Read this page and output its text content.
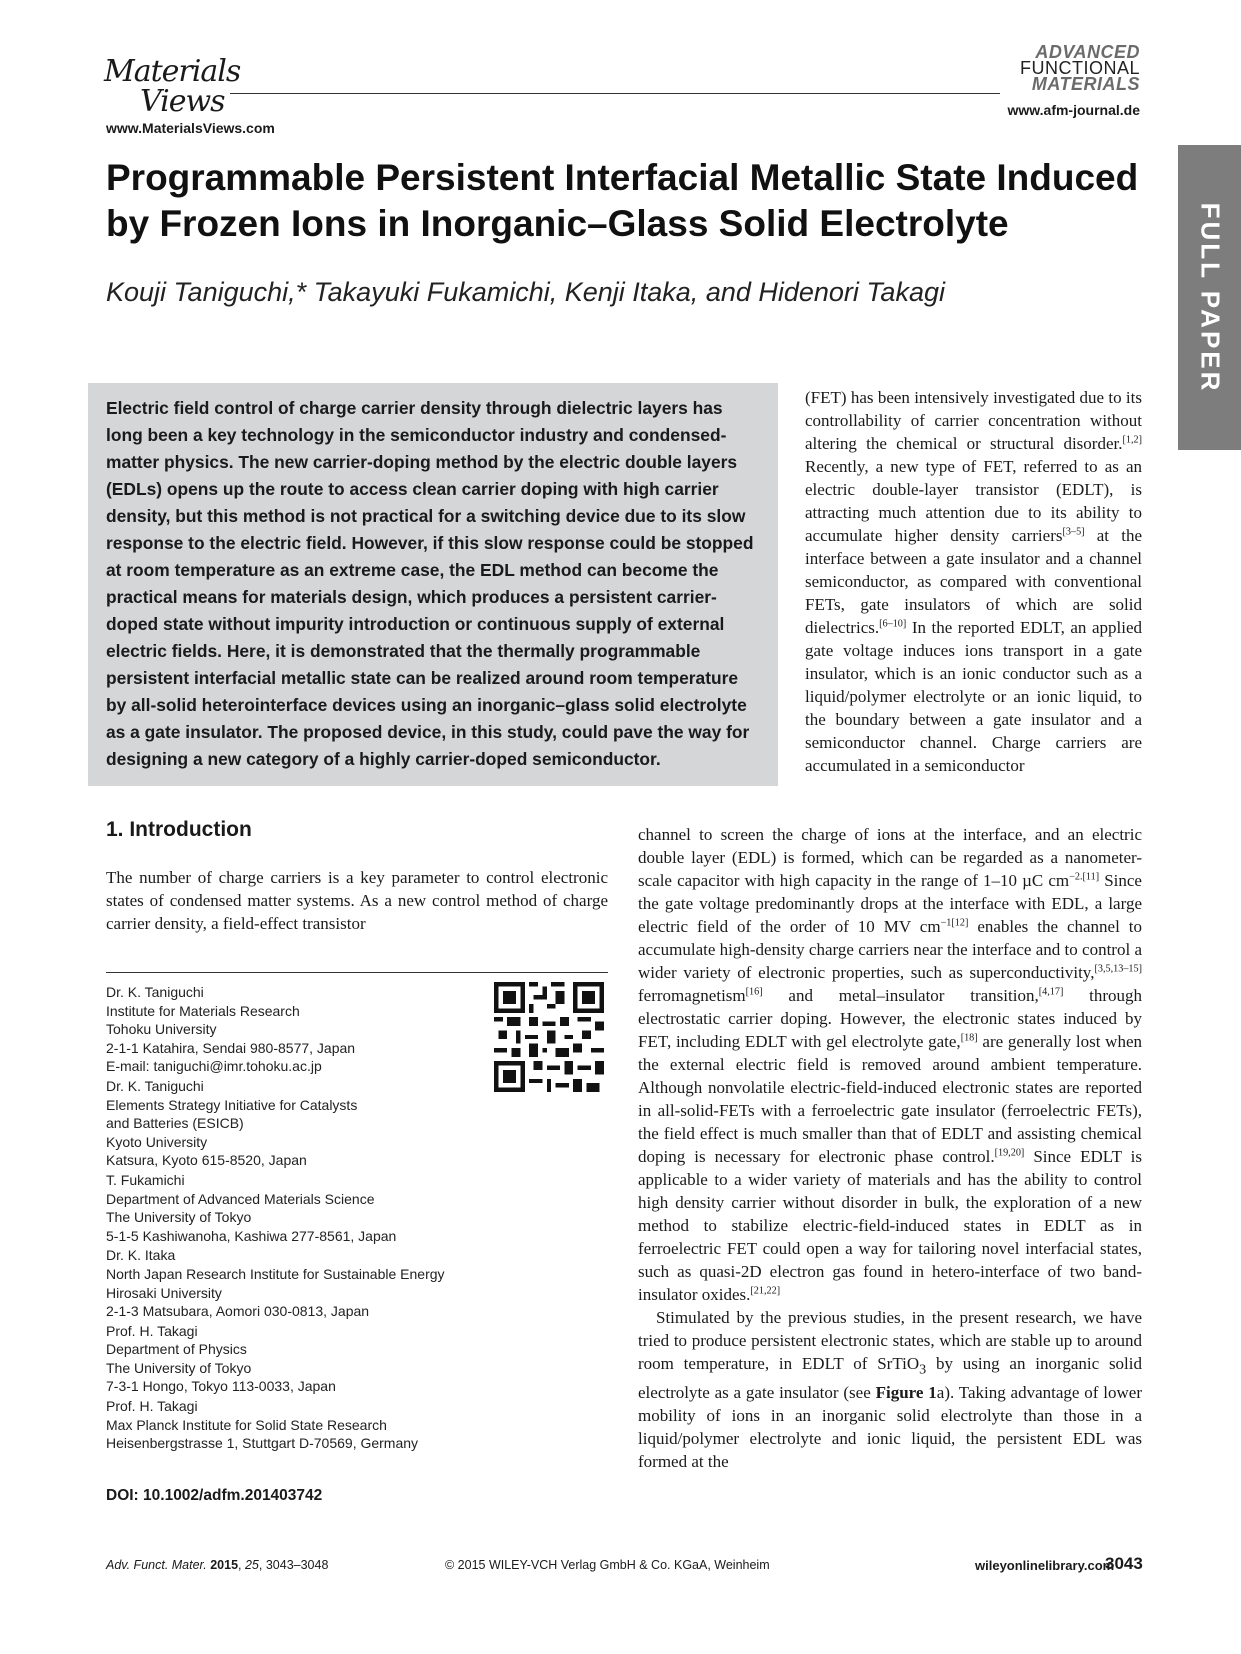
Materials
Views
www.MaterialsViews.com
ADVANCED
FUNCTIONAL
MATERIALS
www.afm-journal.de
FULL PAPER
Programmable Persistent Interfacial Metallic State Induced
by Frozen Ions in Inorganic–Glass Solid Electrolyte
Kouji Taniguchi,* Takayuki Fukamichi, Kenji Itaka, and Hidenori Takagi
Electric field control of charge carrier density through dielectric layers has long been a key technology in the semiconductor industry and condensed-matter physics. The new carrier-doping method by the electric double layers (EDLs) opens up the route to access clean carrier doping with high carrier density, but this method is not practical for a switching device due to its slow response to the electric field. However, if this slow response could be stopped at room temperature as an extreme case, the EDL method can become the practical means for materials design, which produces a persistent carrier-doped state without impurity introduction or continuous supply of external electric fields. Here, it is demonstrated that the thermally programmable persistent interfacial metallic state can be realized around room temperature by all-solid heterointerface devices using an inorganic–glass solid electrolyte as a gate insulator. The proposed device, in this study, could pave the way for designing a new category of a highly carrier-doped semiconductor.

(FET) has been intensively investigated due to its controllability of carrier concentration without altering the chemical or structural disorder.[1,2] Recently, a new type of FET, referred to as an electric double-layer transistor (EDLT), is attracting much attention due to its ability to accumulate higher density carriers[3–5] at the interface between a gate insulator and a channel semiconductor, as compared with conventional FETs, gate insulators of which are solid dielectrics.[6–10] In the reported EDLT, an applied gate voltage induces ions transport in a gate insulator, which is an ionic conductor such as a liquid/polymer electrolyte or an ionic liquid, to the boundary between a gate insulator and a semiconductor channel. Charge carriers are accumulated in a semiconductor

channel to screen the charge of ions at the interface, and an electric double layer (EDL) is formed, which can be regarded as a nanometer-scale capacitor with high capacity in the range of 1–10 µC $cm^{-2.[11]}$ Since the gate voltage predominantly drops at the interface with EDL, a large electric field of the order of 10 MV $cm^{-1[12]}$ enables the channel to accumulate high-density charge carriers near the interface and to control a wider variety of electronic properties, such as superconductivity,[3,5,13–15] ferromagnetism[16] and metal–insulator transition,[4,17] through electrostatic carrier doping. However, the electronic states induced by FET, including EDLT with gel electrolyte gate,[18] are generally lost when the external electric field is removed around ambient temperature. Although nonvolatile electric-field-induced electronic states are reported in all-solid-FETs with a ferroelectric gate insulator (ferroelectric FETs), the field effect is much smaller than that of EDLT and assisting chemical doping is necessary for electronic phase control.[19,20] Since EDLT is applicable to a wider variety of materials and has the ability to control high density carrier without disorder in bulk, the exploration of a new method to stabilize electric-field-induced states in EDLT as in ferroelectric FET could open a way for tailoring novel interfacial states, such as quasi-2D electron gas found in hetero-interface of two band-insulator oxides.[21,22]

Stimulated by the previous studies, in the present research, we have tried to produce persistent electronic states, which are stable up to around room temperature, in EDLT of SrTiO$_3$ by using an inorganic solid electrolyte as a gate insulator (see Figure 1a). Taking advantage of lower mobility of ions in an inorganic solid electrolyte than those in a liquid/polymer electrolyte and ionic liquid, the persistent EDL was formed at the

1. Introduction
The number of charge carriers is a key parameter to control electronic states of condensed matter systems. As a new control method of charge carrier density, a field-effect transistor
Dr. K. Taniguchi
Institute for Materials Research
Tohoku University
2-1-1 Katahira, Sendai 980-8577, Japan
E-mail: taniguchi@imr.tohoku.ac.jp
Dr. K. Taniguchi
Elements Strategy Initiative for Catalysts
and Batteries (ESICB)
Kyoto University
Katsura, Kyoto 615-8520, Japan
T. Fukamichi
Department of Advanced Materials Science
The University of Tokyo
5-1-5 Kashiwanoha, Kashiwa 277-8561, Japan
Dr. K. Itaka
North Japan Research Institute for Sustainable Energy
Hirosaki University
2-1-3 Matsubara, Aomori 030-0813, Japan
Prof. H. Takagi
Department of Physics
The University of Tokyo
7-3-1 Hongo, Tokyo 113-0033, Japan
Prof. H. Takagi
Max Planck Institute for Solid State Research
Heisenbergstrasse 1, Stuttgart D-70569, Germany
DOI: 10.1002/adfm.201403742
Adv. Funct. Mater. 2015, 25, 3043–3048	© 2015 WILEY-VCH Verlag GmbH & Co. KGaA, Weinheim	wileyonlinelibrary.com
3043
